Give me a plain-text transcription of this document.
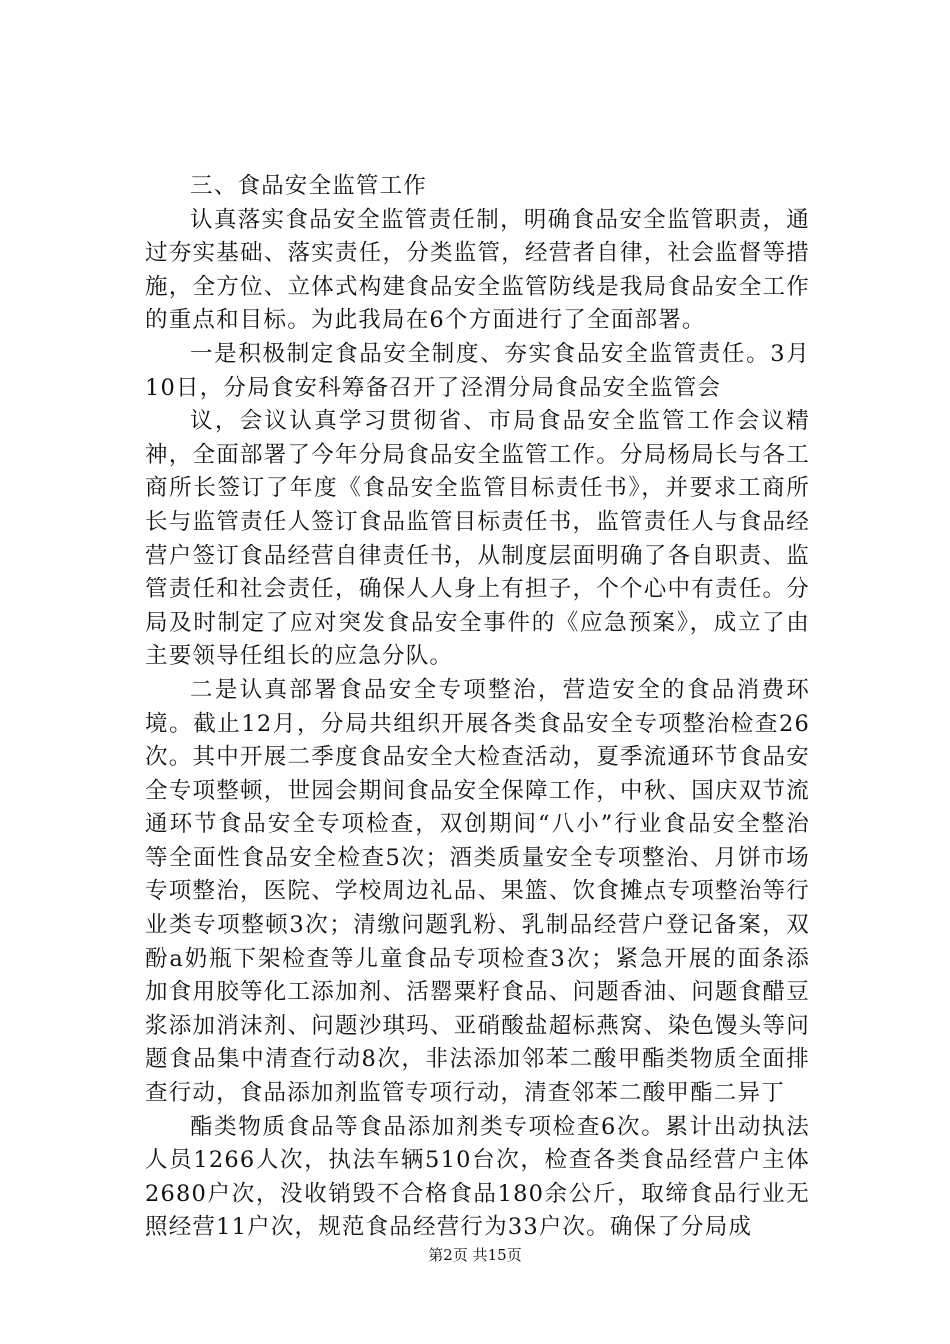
三、食品安全监管工作

认真落实食品安全监管责任制，明确食品安全监管职责，通过夯实基础、落实责任，分类监管，经营者自律，社会监督等措施，全方位、立体式构建食品安全监管防线是我局食品安全工作的重点和目标。为此我局在6个方面进行了全面部署。

一是积极制定食品安全制度、夯实食品安全监管责任。3月10日，分局食安科筹备召开了泾渭分局食品安全监管会

议，会议认真学习贯彻省、市局食品安全监管工作会议精神，全面部署了今年分局食品安全监管工作。分局杨局长与各工商所长签订了年度《食品安全监管目标责任书》，并要求工商所长与监管责任人签订食品监管目标责任书，监管责任人与食品经营户签订食品经营自律责任书，从制度层面明确了各自职责、监管责任和社会责任，确保人人身上有担子，个个心中有责任。分局及时制定了应对突发食品安全事件的《应急预案》，成立了由主要领导任组长的应急分队。

二是认真部署食品安全专项整治，营造安全的食品消费环境。截止12月，分局共组织开展各类食品安全专项整治检查26次。其中开展二季度食品安全大检查活动，夏季流通环节食品安全专项整顿，世园会期间食品安全保障工作，中秋、国庆双节流通环节食品安全专项检查，双创期间“八小”行业食品安全整治等全面性食品安全检查5次；酒类质量安全专项整治、月饼市场专项整治，医院、学校周边礼品、果篮、饮食摊点专项整治等行业类专项整顿3次；清缴问题乳粉、乳制品经营户登记备案，双酚a奶瓶下架检查等儿童食品专项检查3次；紧急开展的面条添加食用胶等化工添加剂、活罂粟籽食品、问题香油、问题食醋豆浆添加消沫剂、问题沙琪玛、亚硝酸盐超标燕窝、染色馒头等问题食品集中清查行动8次，非法添加邻苯二酸甲酯类物质全面排查行动，食品添加剂监管专项行动，清查邻苯二酸甲酯二异丁

酯类物质食品等食品添加剂类专项检查6次。累计出动执法人员1266人次，执法车辆510台次，检查各类食品经营户主体2680户次，没收销毁不合格食品180余公斤，取缔食品行业无照经营11户次，规范食品经营行为33户次。确保了分局成

第2页 共15页
